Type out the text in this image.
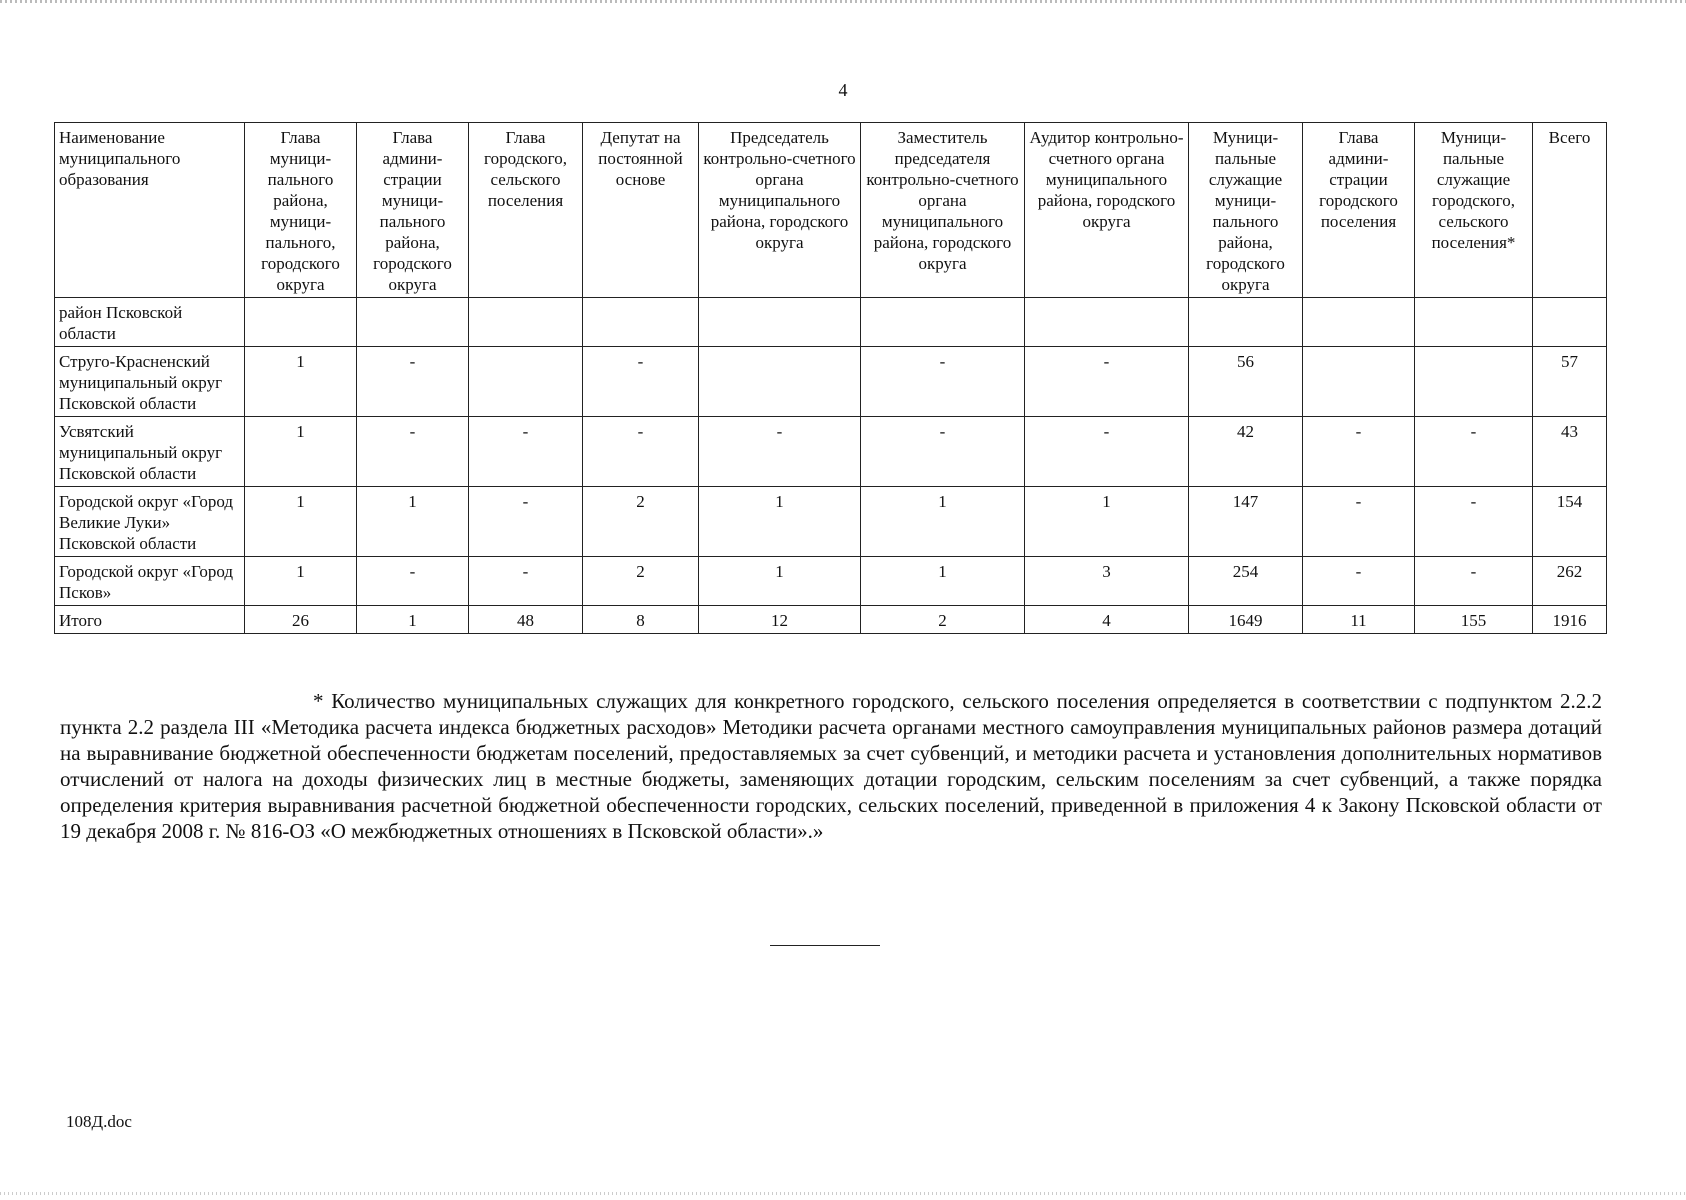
4
Наименование муниципального образования	Глава муници-пального района, муници-пального, городского округа	Глава админи-страции муници-пального района, городского округа	Глава городского, сельского поселения	Депутат на постоянной основе	Председатель контрольно-счетного органа муниципального района, городского округа	Заместитель председателя контрольно-счетного органа муниципального района, городского округа	Аудитор контрольно-счетного органа муниципального района, городского округа	Муници-пальные служащие муници-пального района, городского округа	Глава админи-страции городского поселения	Муници-пальные служащие городского, сельского поселения*	Всего
район Псковской области											
Струго-Красненский муниципальный округ Псковской области	1	-		-		-	-	56			57
Усвятский муниципальный округ Псковской области	1	-	-	-	-	-	-	42	-	-	43
Городской округ «Город Великие Луки» Псковской области	1	1	-	2	1	1	1	147	-	-	154
Городской округ «Город Псков»	1	-	-	2	1	1	3	254	-	-	262
Итого	26	1	48	8	12	2	4	1649	11	155	1916
* Количество муниципальных служащих для конкретного городского, сельского поселения определяется в соответствии с подпунктом 2.2.2 пункта 2.2 раздела III «Методика расчета индекса бюджетных расходов» Методики расчета органами местного самоуправления муниципальных районов размера дотаций на выравнивание бюджетной обеспеченности бюджетам поселений, предоставляемых за счет субвенций, и методики расчета и установления дополнительных нормативов отчислений от налога на доходы физических лиц в местные бюджеты, заменяющих дотации городским, сельским поселениям за счет субвенций, а также порядка определения критерия выравнивания расчетной бюджетной обеспеченности городских, сельских поселений, приведенной в приложения 4 к Закону Псковской области от 19 декабря 2008 г. № 816-ОЗ «О межбюджетных отношениях в Псковской области».»
108Д.doc
